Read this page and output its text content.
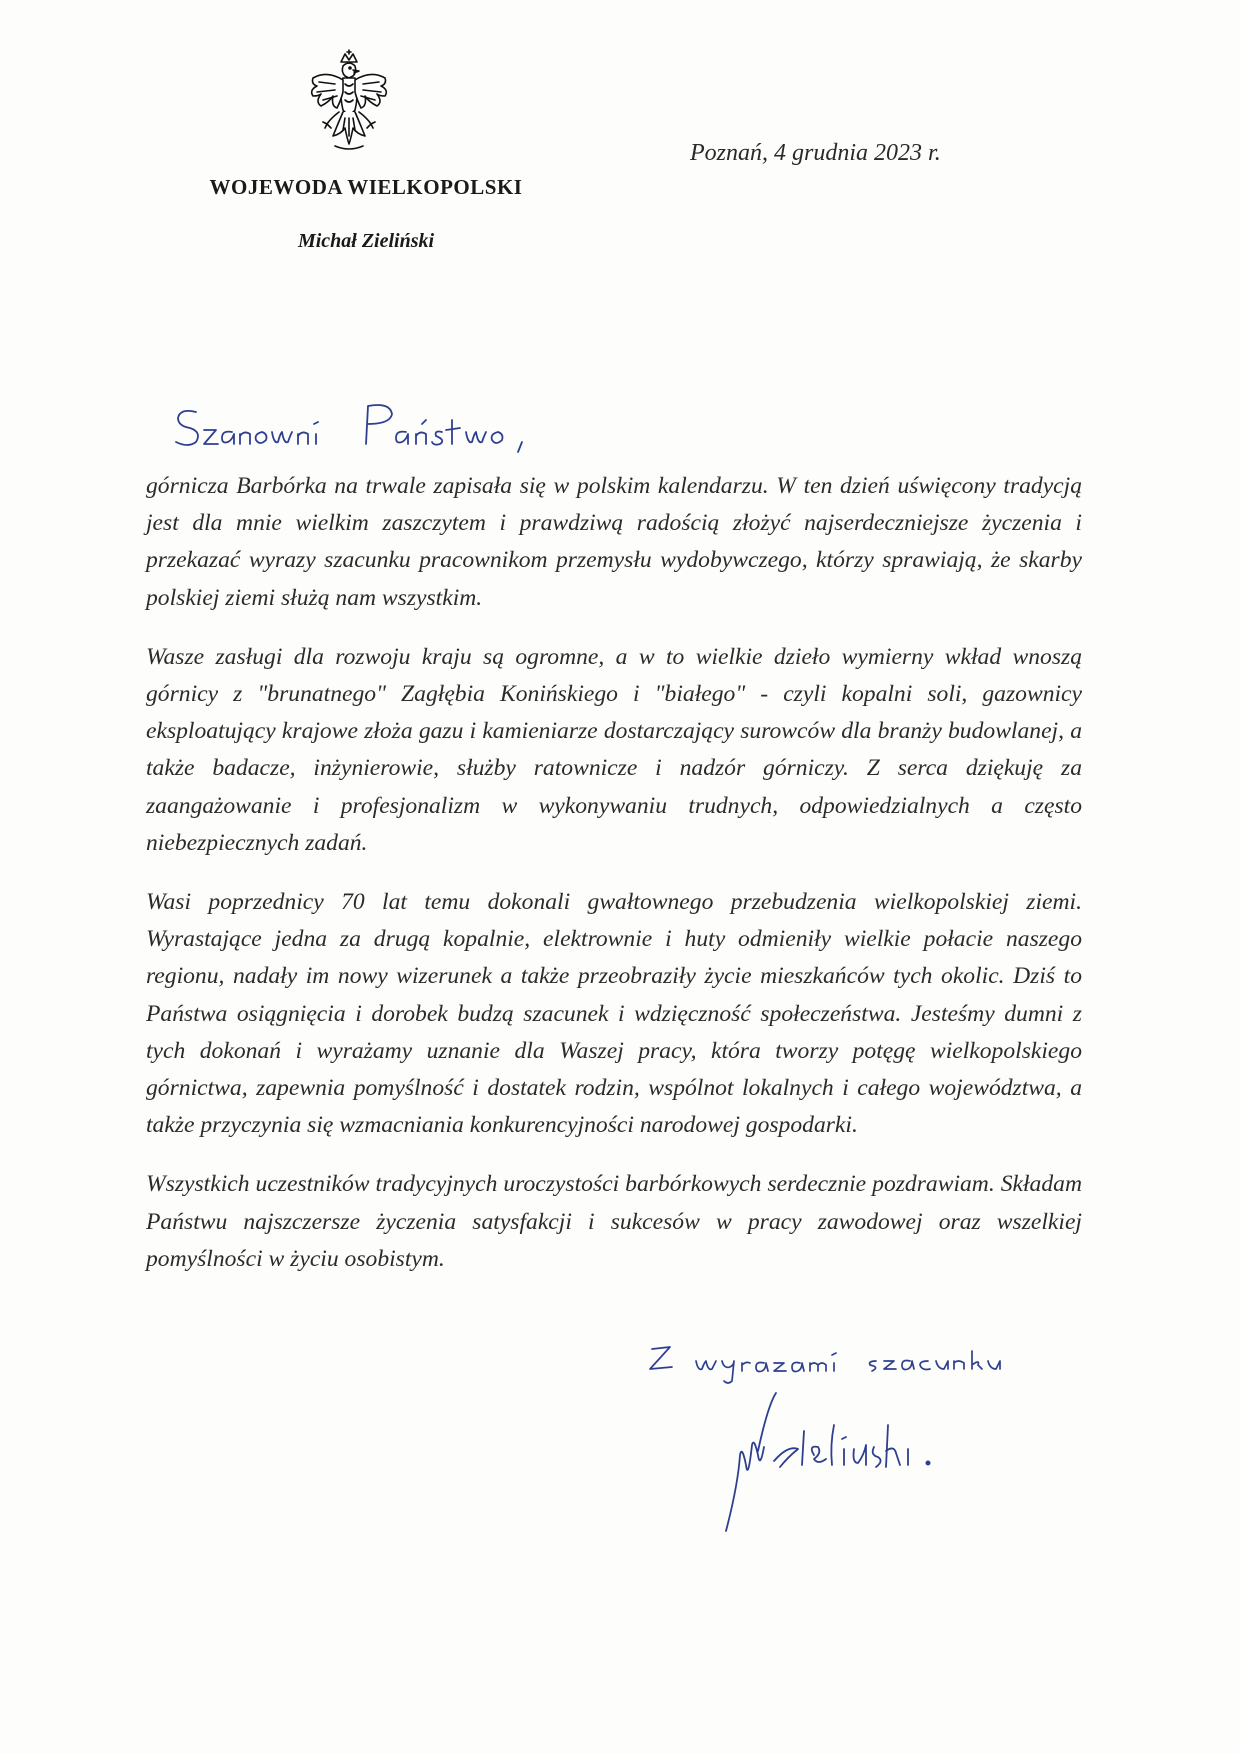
WOJEWODA WIELKOPOLSKI
Michał Zieliński
Poznań, 4 grudnia 2023 r.

górnicza Barbórka na trwale zapisała się w polskim kalendarzu. W ten dzień uświęcony tradycją jest dla mnie wielkim zaszczytem i prawdziwą radością złożyć najserdeczniejsze życzenia i przekazać wyrazy szacunku pracownikom przemysłu wydobywczego, którzy sprawiają, że skarby polskiej ziemi służą nam wszystkim.

Wasze zasługi dla rozwoju kraju są ogromne, a w to wielkie dzieło wymierny wkład wnoszą górnicy z "brunatnego" Zagłębia Konińskiego i "białego" - czyli kopalni soli, gazownicy eksploatujący krajowe złoża gazu i kamieniarze dostarczający surowców dla branży budowlanej, a także badacze, inżynierowie, służby ratownicze i nadzór górniczy. Z serca dziękuję za zaangażowanie i profesjonalizm w wykonywaniu trudnych, odpowiedzialnych a często niebezpiecznych zadań.

Wasi poprzednicy 70 lat temu dokonali gwałtownego przebudzenia wielkopolskiej ziemi. Wyrastające jedna za drugą kopalnie, elektrownie i huty odmieniły wielkie połacie naszego regionu, nadały im nowy wizerunek a także przeobraziły życie mieszkańców tych okolic. Dziś to Państwa osiągnięcia i dorobek budzą szacunek i wdzięczność społeczeństwa. Jesteśmy dumni z tych dokonań i wyrażamy uznanie dla Waszej pracy, która tworzy potęgę wielkopolskiego górnictwa, zapewnia pomyślność i dostatek rodzin, wspólnot lokalnych i całego województwa, a także przyczynia się wzmacniania konkurencyjności narodowej gospodarki.

Wszystkich uczestników tradycyjnych uroczystości barbórkowych serdecznie pozdrawiam. Składam Państwu najszczersze życzenia satysfakcji i sukcesów w pracy zawodowej oraz wszelkiej pomyślności w życiu osobistym.
